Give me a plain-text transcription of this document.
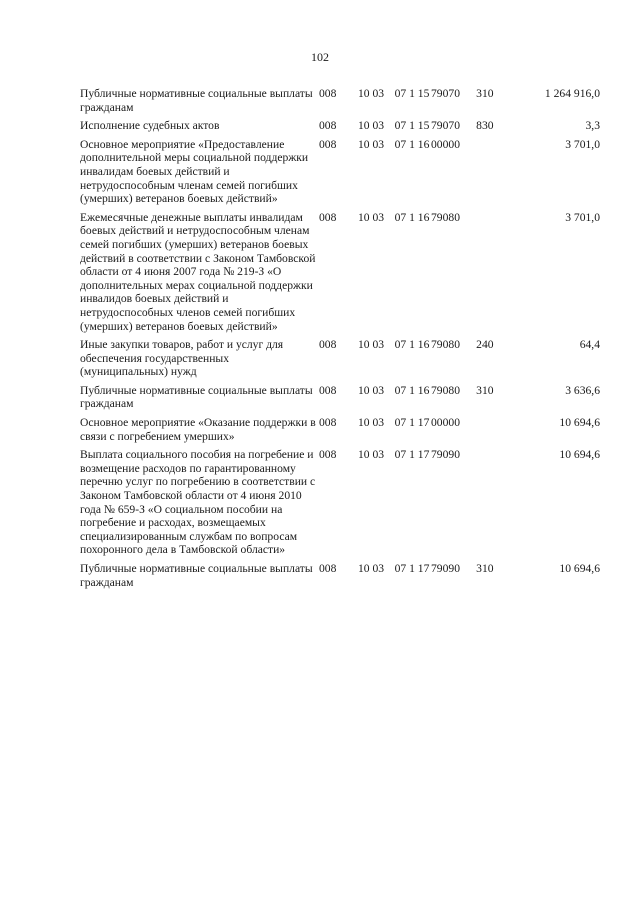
102
Публичные нормативные социальные выплаты гражданам	008	10 03	07 1 15	79070	310	1 264 916,0
Исполнение судебных актов	008	10 03	07 1 15	79070	830	3,3
Основное мероприятие «Предоставление дополнительной меры социальной поддержки инвалидам боевых действий и нетрудоспособным членам семей погибших (умерших) ветеранов боевых действий»	008	10 03	07 1 16	00000		3 701,0
Ежемесячные денежные выплаты инвалидам боевых действий и нетрудоспособным членам семей погибших (умерших) ветеранов боевых действий в соответствии с Законом Тамбовской области от 4 июня 2007 года № 219-З «О дополнительных мерах социальной поддержки инвалидов боевых действий и нетрудоспособных членов семей погибших (умерших) ветеранов боевых действий»	008	10 03	07 1 16	79080		3 701,0
Иные закупки товаров, работ и услуг для обеспечения государственных (муниципальных) нужд	008	10 03	07 1 16	79080	240	64,4
Публичные нормативные социальные выплаты гражданам	008	10 03	07 1 16	79080	310	3 636,6
Основное мероприятие «Оказание поддержки в связи с погребением умерших»	008	10 03	07 1 17	00000		10 694,6
Выплата социального пособия на погребение и возмещение расходов по гарантированному перечню услуг по погребению в соответствии с Законом Тамбовской области от 4 июня 2010 года № 659-З «О социальном пособии на погребение и расходах, возмещаемых специализированным службам по вопросам похоронного дела в Тамбовской области»	008	10 03	07 1 17	79090		10 694,6
Публичные нормативные социальные выплаты гражданам	008	10 03	07 1 17	79090	310	10 694,6
